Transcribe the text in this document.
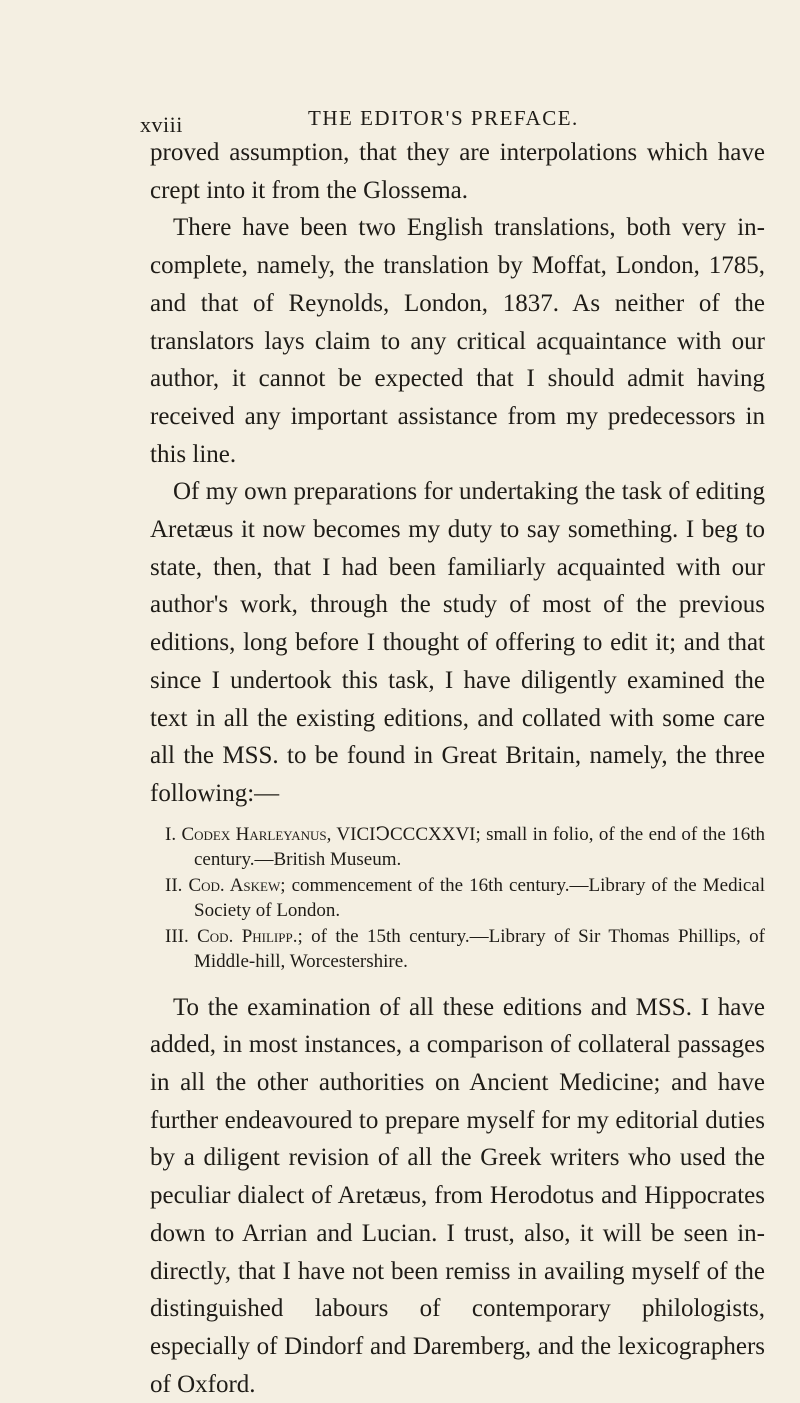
xviii	THE EDITOR'S PREFACE.

proved assumption, that they are interpolations which have crept into it from the Glossema.

There have been two English translations, both very in-complete, namely, the translation by Moffat, London, 1785, and that of Reynolds, London, 1837. As neither of the translators lays claim to any critical acquaintance with our author, it cannot be expected that I should admit having received any important assistance from my predecessors in this line.

Of my own preparations for undertaking the task of editing Aretæus it now becomes my duty to say something. I beg to state, then, that I had been familiarly acquainted with our author's work, through the study of most of the previous editions, long before I thought of offering to edit it; and that since I undertook this task, I have diligently examined the text in all the existing editions, and collated with some care all the MSS. to be found in Great Britain, namely, the three following:—

I. Codex Harleyanus, VICIↃCCCXXVI; small in folio, of the end of the 16th century.—British Museum.
II. Cod. Askew; commencement of the 16th century.—Library of the Medical Society of London.
III. Cod. Philipp.; of the 15th century.—Library of Sir Thomas Phillips, of Middle-hill, Worcestershire.

To the examination of all these editions and MSS. I have added, in most instances, a comparison of collateral passages in all the other authorities on Ancient Medicine; and have further endeavoured to prepare myself for my editorial duties by a diligent revision of all the Greek writers who used the peculiar dialect of Aretæus, from Herodotus and Hippocrates down to Arrian and Lucian. I trust, also, it will be seen in-directly, that I have not been remiss in availing myself of the distinguished labours of contemporary philologists, especially of Dindorf and Daremberg, and the lexicographers of Oxford.
